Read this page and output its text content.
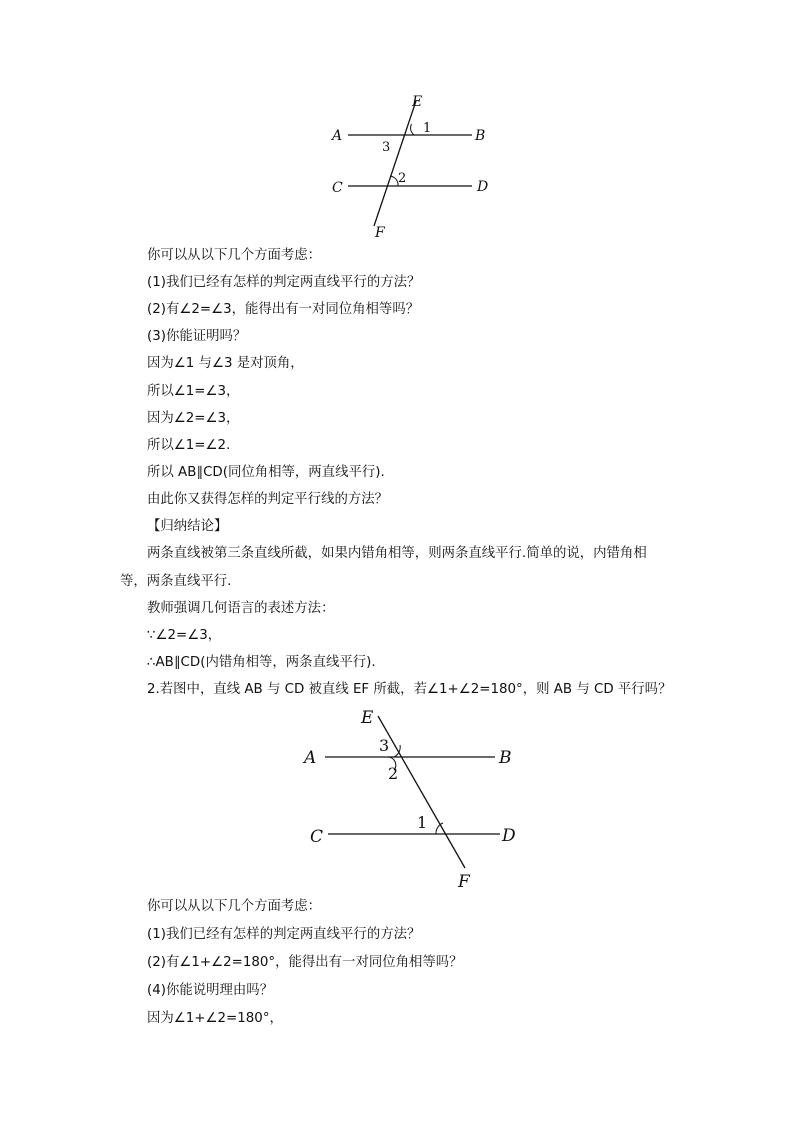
E
A	B
C	D
F
1
3
2
你可以从以下几个方面考虑：
(1)我们已经有怎样的判定两直线平行的方法？
(2)有∠2=∠3，能得出有一对同位角相等吗？
(3)你能证明吗？
因为∠1 与∠3 是对顶角，
所以∠1=∠3，
因为∠2=∠3，
所以∠1=∠2.
所以 AB∥CD(同位角相等，两直线平行).
由此你又获得怎样的判定平行线的方法？
【归纳结论】
两条直线被第三条直线所截，如果内错角相等，则两条直线平行.简单的说，内错角相等，两条直线平行.
教师强调几何语言的表述方法：
∵∠2=∠3，
∴AB∥CD(内错角相等，两条直线平行).
2.若图中，直线 AB 与 CD 被直线 EF 所截，若∠1+∠2=180°，则 AB 与 CD 平行吗？
E
A	B
C	D
F
3
2
1
你可以从以下几个方面考虑：
(1)我们已经有怎样的判定两直线平行的方法？
(2)有∠1+∠2=180°，能得出有一对同位角相等吗？
(4)你能说明理由吗？
因为∠1+∠2=180°，
